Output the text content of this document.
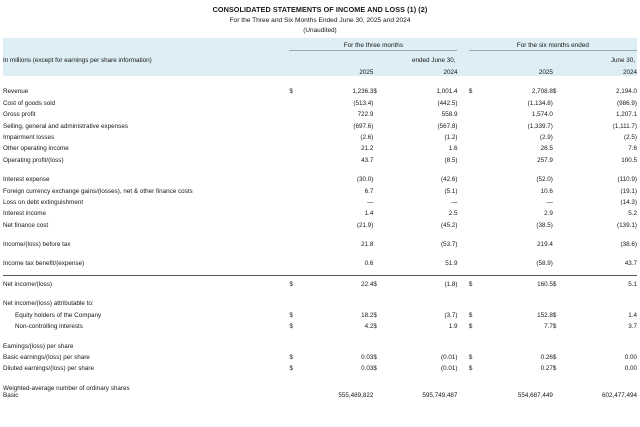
CONSOLIDATED STATEMENTS OF INCOME AND LOSS (1) (2)
For the Three and Six Months Ended June 30, 2025 and 2024
(Unaudited)

	For the three months					For the six months ended			

In millions (except for earnings per share information)	ended June 30,					June 30,			
		2025		2024			2025		2024

Revenue	$	1,236.3	$	1,001.4		$	2,708.8	$	2,194.0
Cost of goods sold		(513.4)		(442.5)			(1,134.8)		(986.9)
Gross profit		722.9		558.9			1,574.0		1,207.1
Selling, general and administrative expenses		(697.6)		(567.8)			(1,339.7)		(1,111.7)
Impairment losses		(2.6)		(1.2)			(2.9)		(2.5)
Other operating income		21.2		1.6			26.5		7.6
Operating profit/(loss)		43.7		(8.5)			257.9		100.5

Interest expense		(30.0)		(42.6)			(52.0)		(110.9)
Foreign currency exchange gains/(losses), net & other finance costs		6.7		(5.1)			10.6		(19.1)
Loss on debt extinguishment		—		—			—		(14.3)
Interest income		1.4		2.5			2.9		5.2
Net finance cost		(21.9)		(45.2)			(38.5)		(139.1)

Income/(loss) before tax		21.8		(53.7)			219.4		(38.6)

Income tax benefit/(expense)		0.6		51.9			(58.9)		43.7

Net income/(loss)	$	22.4	$	(1.8)		$	160.5	$	5.1

Net income/(loss) attributable to:									
Equity holders of the Company	$	18.2	$	(3.7)		$	152.8	$	1.4
Non-controlling interests	$	4.2	$	1.9		$	7.7	$	3.7

Earnings/(loss) per share									
Basic earnings/(loss) per share	$	0.03	$	(0.01)		$	0.26	$	0.00
Diluted earnings/(loss) per share	$	0.03	$	(0.01)		$	0.27	$	0.00

Weighted-average number of ordinary shares									

Basic		555,489,822		595,749,487			554,687,449		602,477,494
